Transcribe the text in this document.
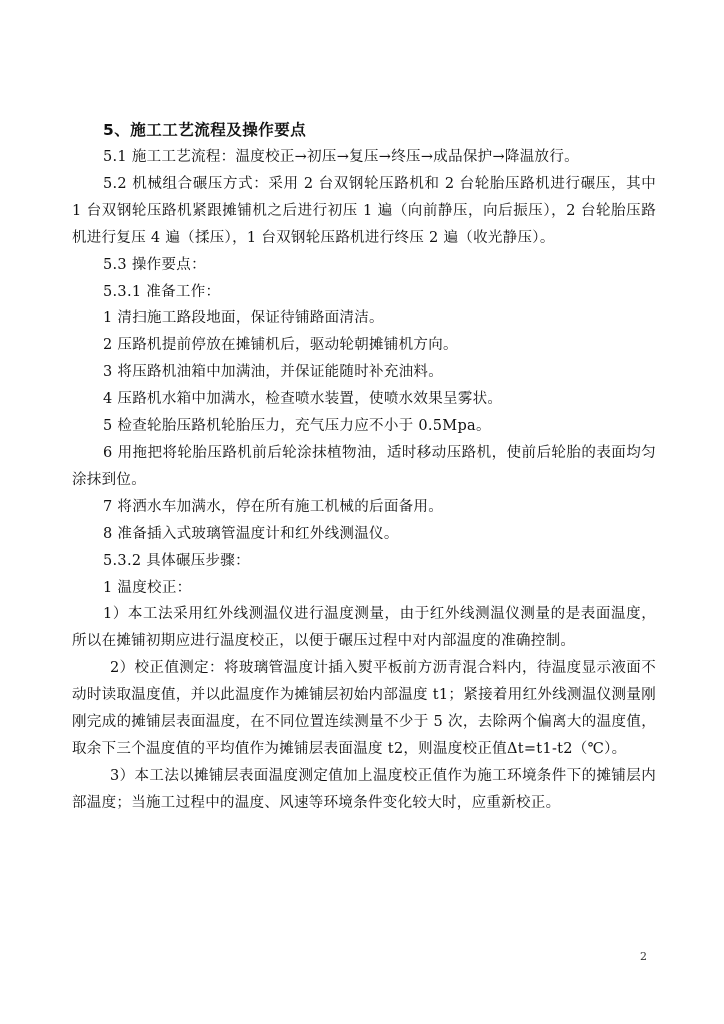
5、施工工艺流程及操作要点

5.1 施工工艺流程：温度校正→初压→复压→终压→成品保护→降温放行。

5.2 机械组合碾压方式：采用 2 台双钢轮压路机和 2 台轮胎压路机进行碾压，其中 1 台双钢轮压路机紧跟摊铺机之后进行初压 1 遍（向前静压，向后振压），2 台轮胎压路机进行复压 4 遍（揉压），1 台双钢轮压路机进行终压 2 遍（收光静压）。

5.3 操作要点：

5.3.1 准备工作：

1 清扫施工路段地面，保证待铺路面清洁。

2 压路机提前停放在摊铺机后，驱动轮朝摊铺机方向。

3 将压路机油箱中加满油，并保证能随时补充油料。

4 压路机水箱中加满水，检查喷水装置，使喷水效果呈雾状。

5 检查轮胎压路机轮胎压力，充气压力应不小于 0.5Mpa。

6 用拖把将轮胎压路机前后轮涂抹植物油，适时移动压路机，使前后轮胎的表面均匀涂抹到位。

7 将洒水车加满水，停在所有施工机械的后面备用。

8 准备插入式玻璃管温度计和红外线测温仪。

5.3.2 具体碾压步骤：

1 温度校正：

1）本工法采用红外线测温仪进行温度测量，由于红外线测温仪测量的是表面温度，所以在摊铺初期应进行温度校正，以便于碾压过程中对内部温度的准确控制。

2）校正值测定：将玻璃管温度计插入熨平板前方沥青混合料内，待温度显示液面不动时读取温度值，并以此温度作为摊铺层初始内部温度 t1；紧接着用红外线测温仪测量刚刚完成的摊铺层表面温度，在不同位置连续测量不少于 5 次，去除两个偏离大的温度值，取余下三个温度值的平均值作为摊铺层表面温度 t2，则温度校正值Δt=t1-t2（℃）。

3）本工法以摊铺层表面温度测定值加上温度校正值作为施工环境条件下的摊铺层内部温度；当施工过程中的温度、风速等环境条件变化较大时，应重新校正。

2
